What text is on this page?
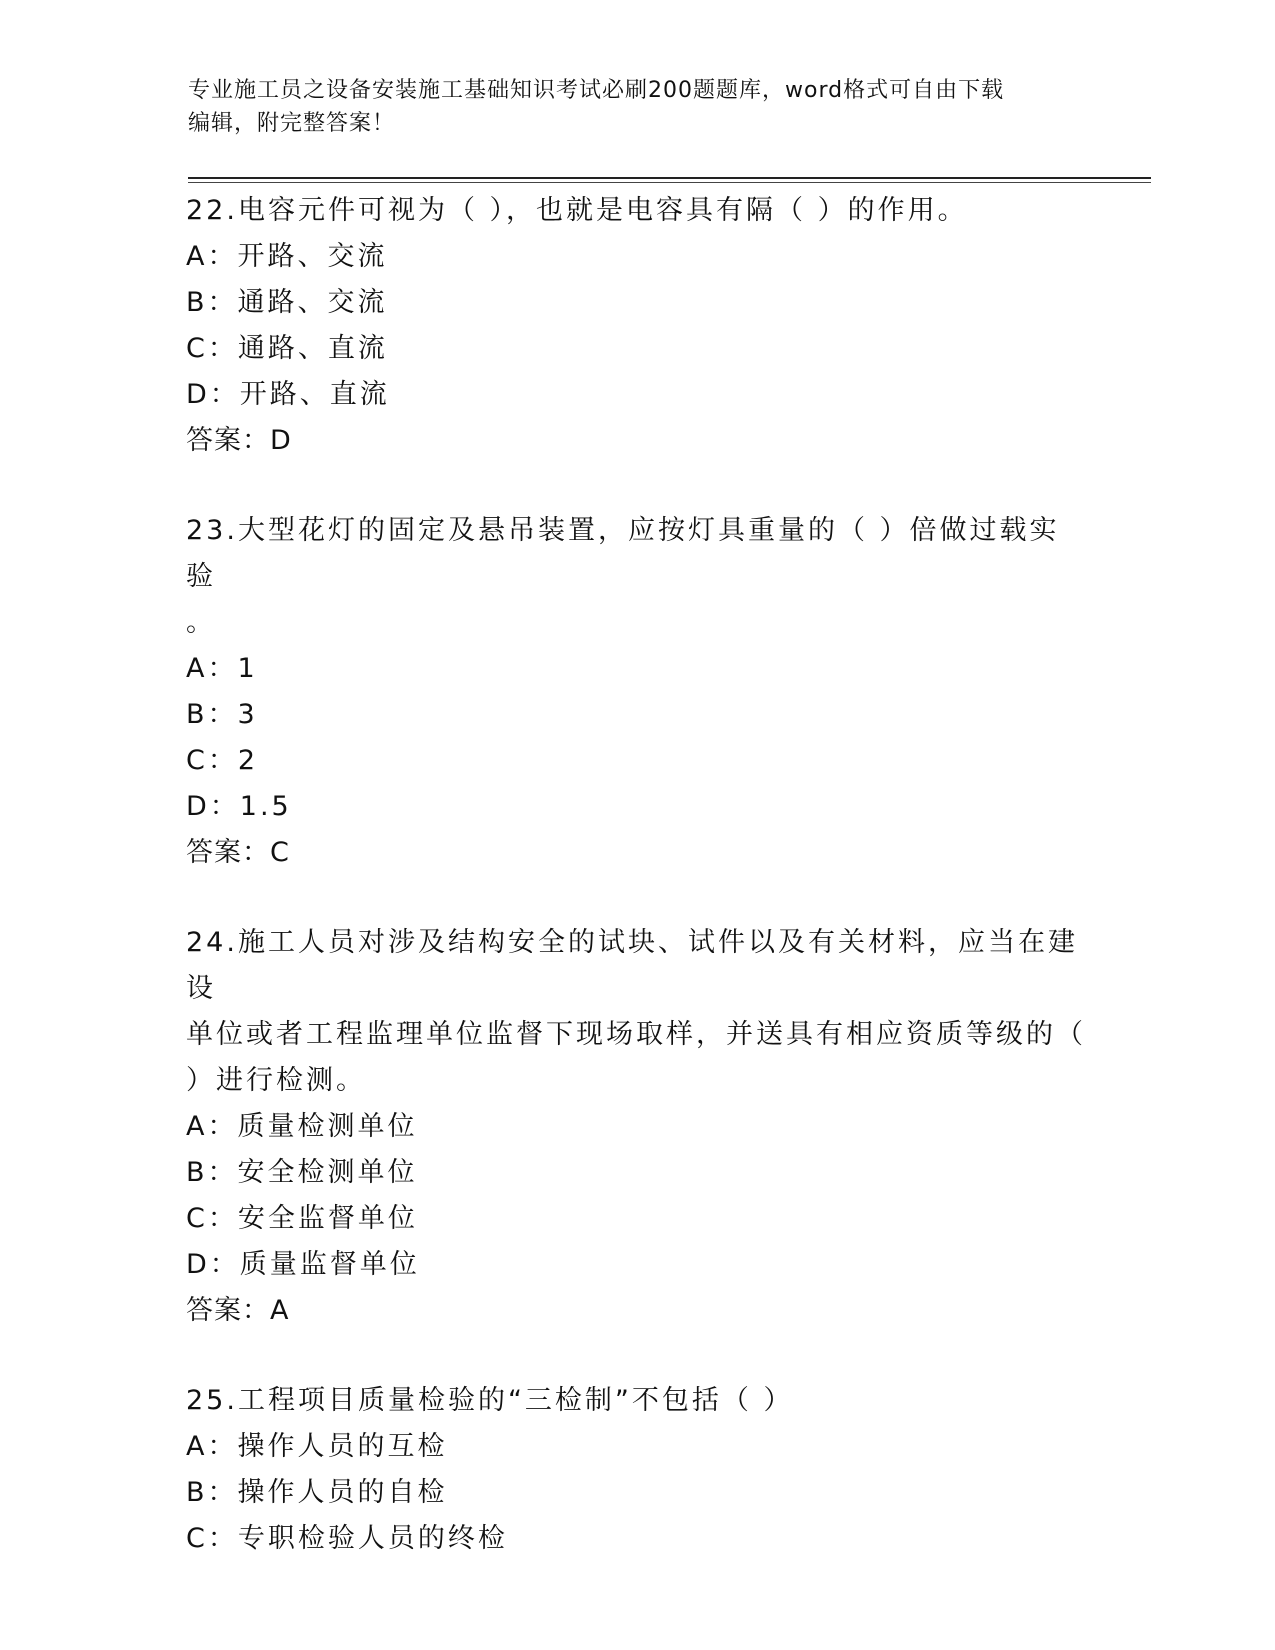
专业施工员之设备安装施工基础知识考试必刷200题题库，word格式可自由下载
编辑，附完整答案！
22.电容元件可视为（ ），也就是电容具有隔（ ）的作用。
A：开路、交流
B：通路、交流
C：通路、直流
D：开路、直流
答案：D
23.大型花灯的固定及悬吊装置，应按灯具重量的（ ）倍做过载实验
。
A：1
B：3
C：2
D：1.5
答案：C
24.施工人员对涉及结构安全的试块、试件以及有关材料，应当在建设
单位或者工程监理单位监督下现场取样，并送具有相应资质等级的（
）进行检测。
A：质量检测单位
B：安全检测单位
C：安全监督单位
D：质量监督单位
答案：A
25.工程项目质量检验的“三检制”不包括（ ）
A：操作人员的互检
B：操作人员的自检
C：专职检验人员的终检
